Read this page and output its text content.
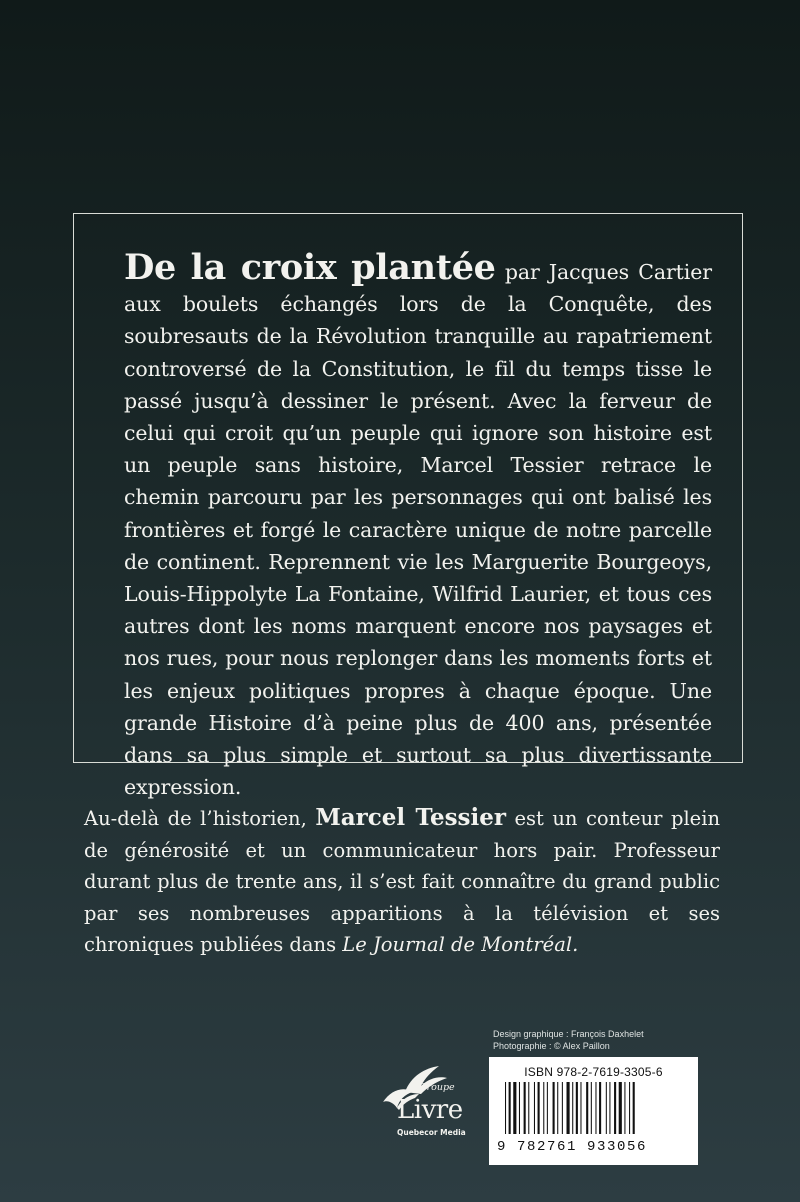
De la croix plantée par Jacques Cartier aux boulets échangés lors de la Conquête, des soubresauts de la Révolution tranquille au rapatriement controversé de la Constitution, le fil du temps tisse le passé jusqu’à dessiner le présent. Avec la ferveur de celui qui croit qu’un peuple qui ignore son histoire est un peuple sans histoire, Marcel Tessier retrace le chemin parcouru par les personnages qui ont balisé les frontières et forgé le caractère unique de notre parcelle de continent. Reprennent vie les Marguerite Bourgeoys, Louis-Hippolyte La Fontaine, Wilfrid Laurier, et tous ces autres dont les noms marquent encore nos paysages et nos rues, pour nous replonger dans les moments forts et les enjeux politiques propres à chaque époque. Une grande Histoire d’à peine plus de 400 ans, présentée dans sa plus simple et surtout sa plus divertissante expression.

Au-delà de l’historien, Marcel Tessier est un conteur plein de générosité et un communicateur hors pair. Professeur durant plus de trente ans, il s’est fait connaître du grand public par ses nombreuses apparitions à la télévision et ses chroniques publiées dans Le Journal de Montréal.

Design graphique : François Daxhelet
Photographie : © Alex Paillon
Groupe
Livre
Quebecor Media
ISBN 978-2-7619-3305-6
9 782761 933056
